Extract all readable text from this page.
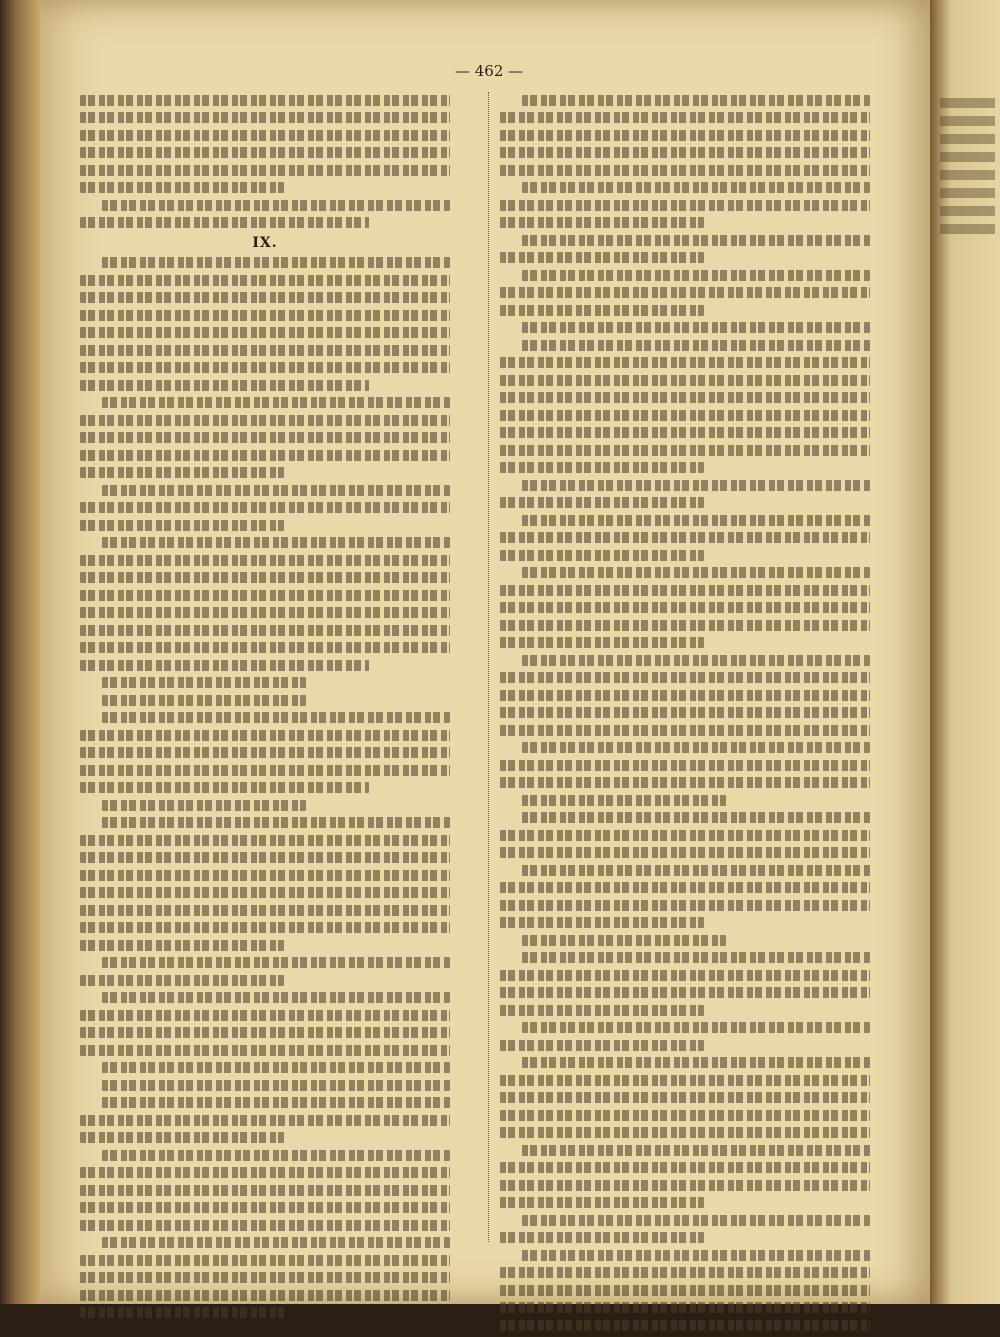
— 462 —
IX.
